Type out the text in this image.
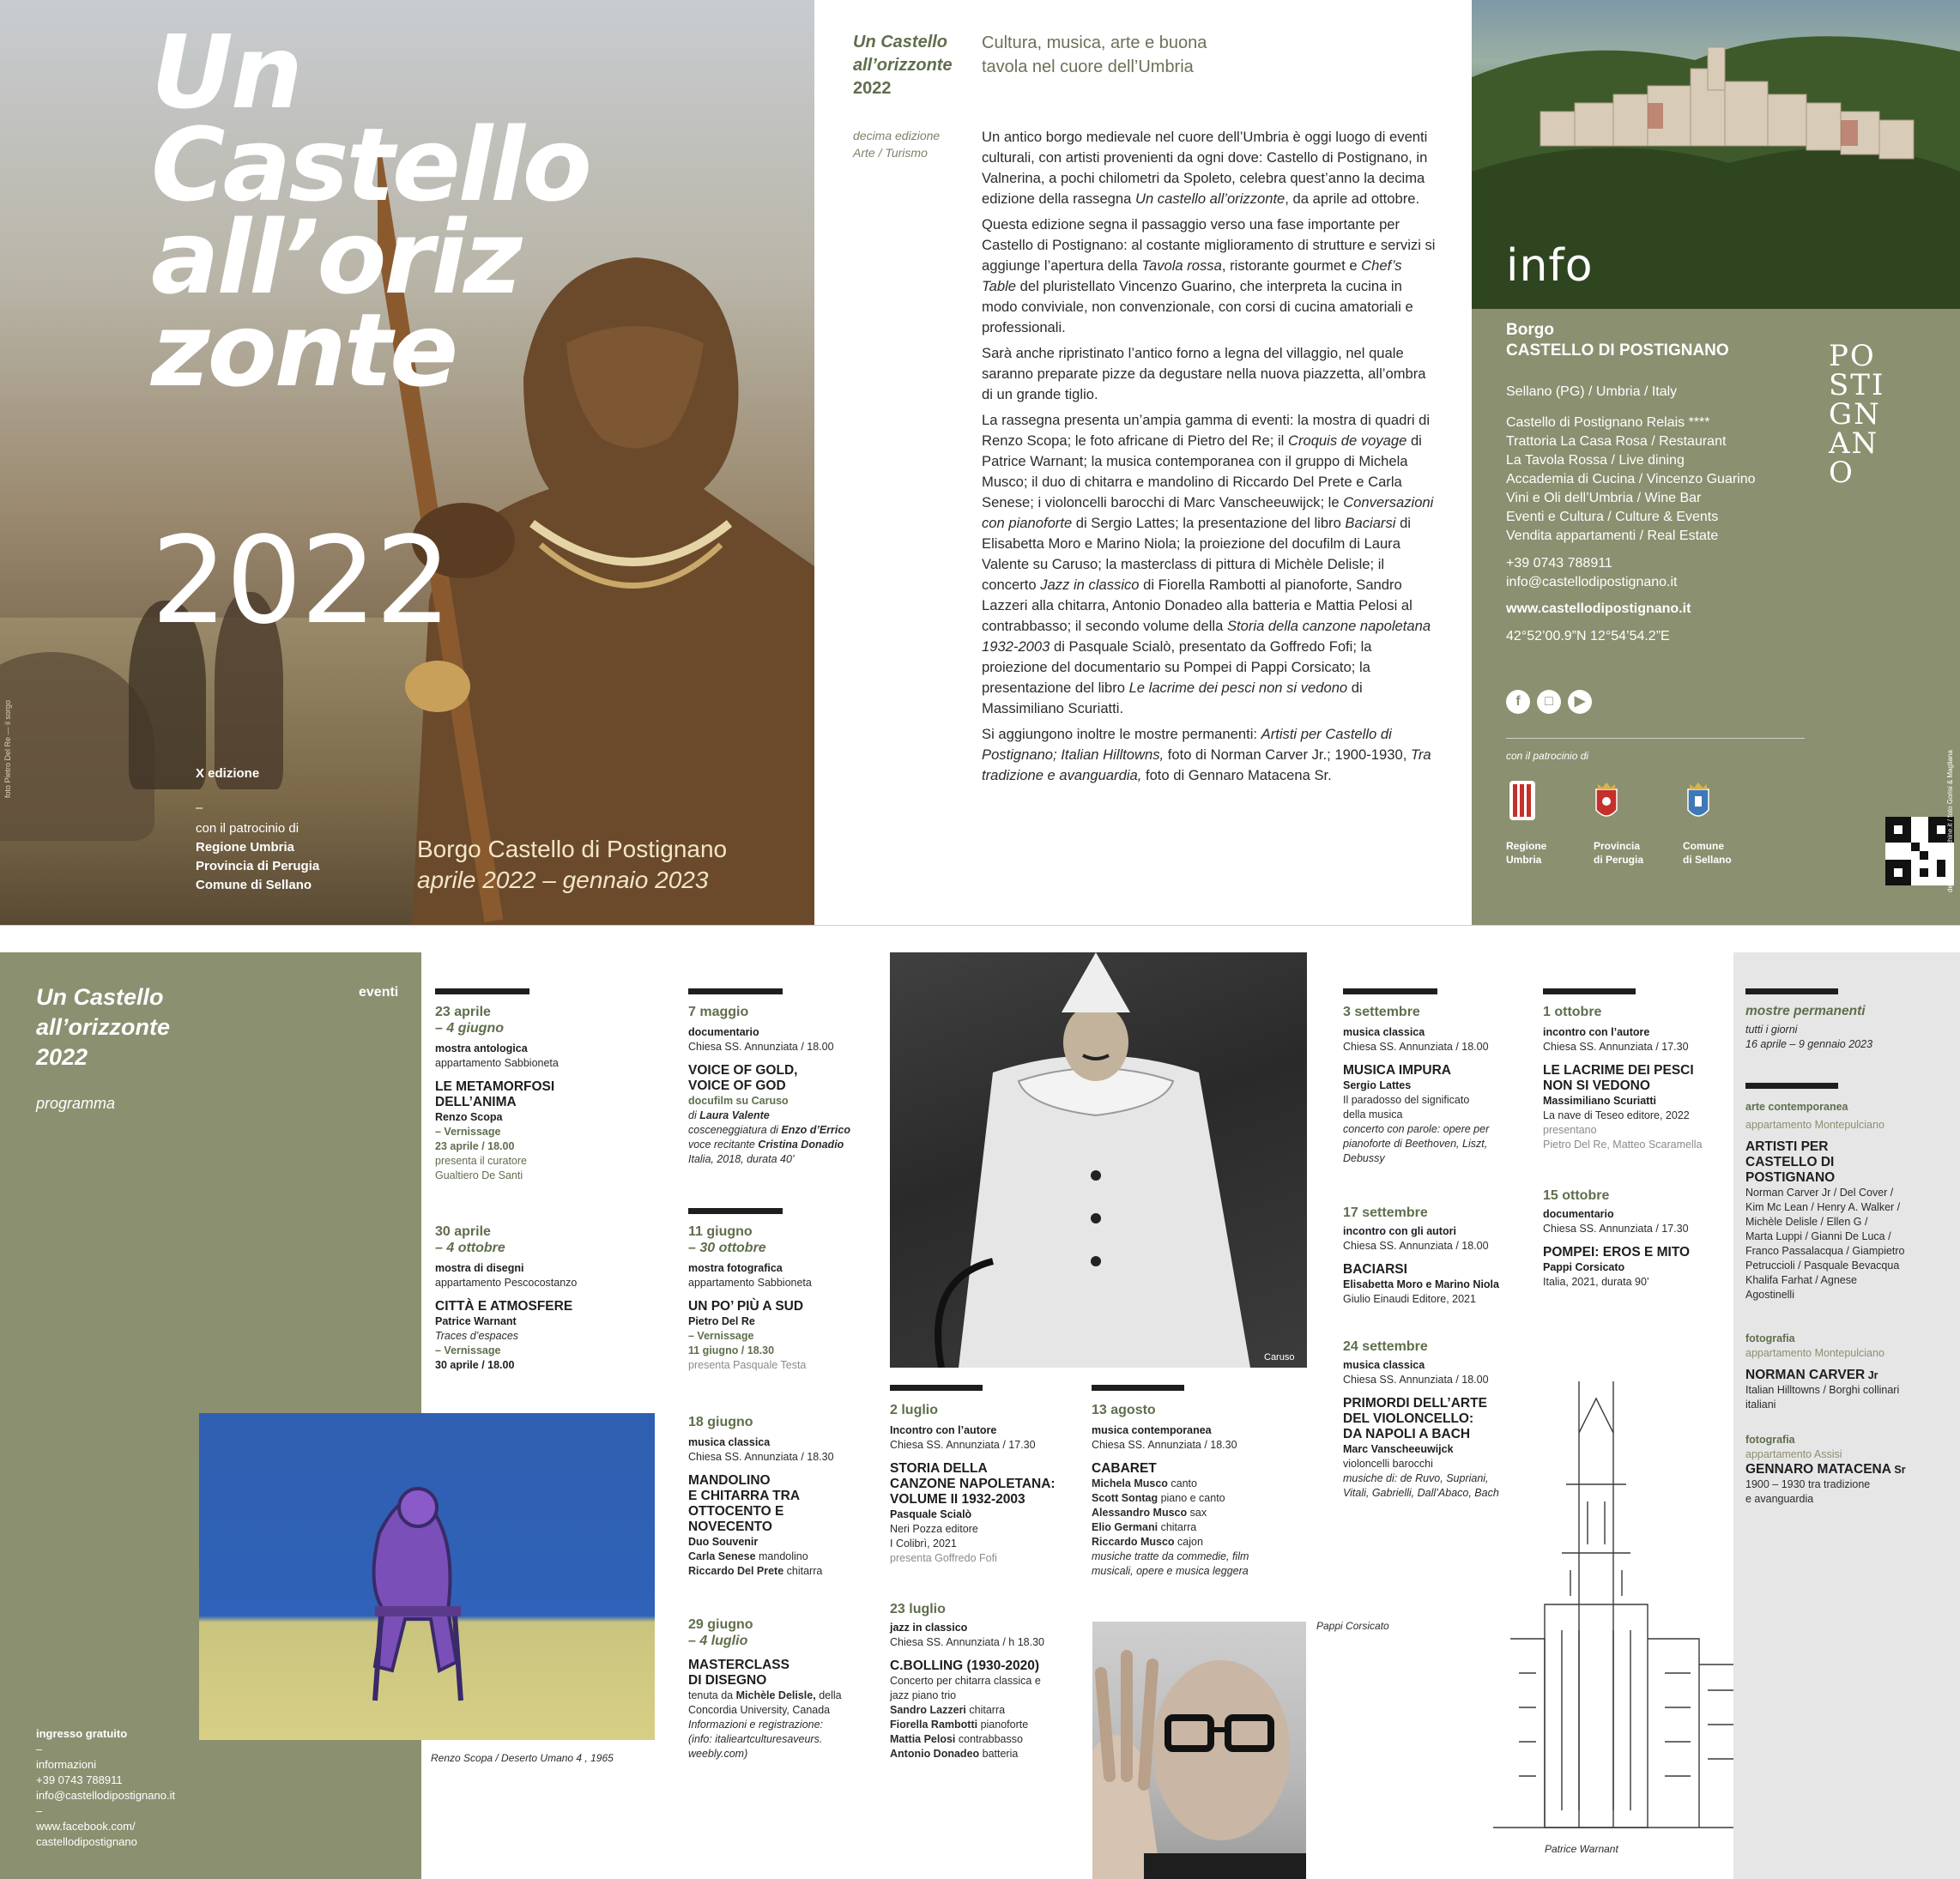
Un
Castello
all’oriz
zonte
2022
X edizione
–
con il patrocinio di
Regione Umbria
Provincia di Perugia
Comune di Sellano
Borgo Castello di Postignano
aprile 2022 – gennaio 2023
foto Pietro Del Re — il sorgo
Un Castello
all’orizzonte
2022
Cultura, musica, arte e buona tavola nel cuore dell’Umbria
decima edizione
Arte / Turismo

Un antico borgo medievale nel cuore dell’Umbria è oggi luogo di eventi culturali, con artisti provenienti da ogni dove: Castello di Postignano, in Valnerina, a pochi chilometri da Spoleto, celebra quest’anno la decima edizione della rassegna Un castello all’orizzonte, da aprile ad ottobre.

Questa edizione segna il passaggio verso una fase importante per Castello di Postignano: al costante miglioramento di strutture e servizi si aggiunge l’apertura della Tavola rossa, ristorante gourmet e Chef’s Table del pluristellato Vincenzo Guarino, che interpreta la cucina in modo conviviale, non convenzionale, con corsi di cucina amatoriali e professionali.

Sarà anche ripristinato l’antico forno a legna del villaggio, nel quale saranno preparate pizze da degustare nella nuova piazzetta, all’ombra di un grande tiglio.

La rassegna presenta un’ampia gamma di eventi: la mostra di quadri di Renzo Scopa; le foto africane di Pietro del Re; il Croquis de voyage di Patrice Warnant; la musica contemporanea con il gruppo di Michela Musco; il duo di chitarra e mandolino di Riccardo Del Prete e Carla Senese; i violoncelli barocchi di Marc Vanscheeuwijck; le Conversazioni con pianoforte di Sergio Lattes; la presentazione del libro Baciarsi di Elisabetta Moro e Marino Niola; la proiezione del docufilm di Laura Valente su Caruso; la masterclass di pittura di Michèle Delisle; il concerto Jazz in classico di Fiorella Rambotti al pianoforte, Sandro Lazzeri alla chitarra, Antonio Donadeo alla batteria e Mattia Pelosi al contrabbasso; il secondo volume della Storia della canzone napoletana 1932-2003 di Pasquale Scialò, presentato da Goffredo Fofi; la proiezione del documentario su Pompei di Pappi Corsicato; la presentazione del libro Le lacrime dei pesci non si vedono di Massimiliano Scuriatti.

Si aggiungono inoltre le mostre permanenti: Artisti per Castello di Postignano; Italian Hilltowns, foto di Norman Carver Jr.; 1900-1930, Tra tradizione e avanguardia, foto di Gennaro Matacena Sr.

info
Borgo
CASTELLO DI POSTIGNANO
Sellano (PG) / Umbria / Italy
Castello di Postignano Relais ****
Trattoria La Casa Rosa / Restaurant
La Tavola Rossa / Live dining
Accademia di Cucina / Vincenzo Guarino
Vini e Oli dell’Umbria / Wine Bar
Eventi e Cultura / Culture & Events
Vendita appartamenti / Real Estate
+39 0743 788911
info@castellodipostignano.it
www.castellodipostignano.it
42°52’00.9”N 12°54’54.2”E
POSTIGNANO
f	□	▶
con il patrocinio di
Regione
Umbria
Provincia
di Perugia
Comune
di Sellano	design: aftermachine.it / foto Gorisi & Magliana
Un Castello
all’orizzonte
2022
programma
eventi
ingresso gratuito
–
informazioni
+39 0743 788911
info@castellodipostignano.it
–
www.facebook.com/
castellodipostignano
Renzo Scopa / Deserto Umano 4 , 1965
23 aprile
– 4 giugno
mostra antologica
appartamento Sabbioneta
LE METAMORFOSI
DELL’ANIMA
Renzo Scopa
– Vernissage
23 aprile / 18.00
presenta il curatore
Gualtiero De Santi
30 aprile
– 4 ottobre
mostra di disegni
appartamento Pescocostanzo
CITTÀ E ATMOSFERE
Patrice Warnant
Traces d’espaces
– Vernissage
30 aprile / 18.00
7 maggio
documentario
Chiesa SS. Annunziata / 18.00
VOICE OF GOLD,
VOICE OF GOD
docufilm su Caruso
di Laura Valente
cosceneggiatura di Enzo d’Errico
voce recitante Cristina Donadio
Italia, 2018, durata 40’
11 giugno
– 30 ottobre
mostra fotografica
appartamento Sabbioneta
UN PO’ PIÙ A SUD
Pietro Del Re
– Vernissage
11 giugno / 18.30
presenta Pasquale Testa
18 giugno
musica classica
Chiesa SS. Annunziata / 18.30
MANDOLINO
E CHITARRA TRA
OTTOCENTO E
NOVECENTO
Duo Souvenir
Carla Senese mandolino
Riccardo Del Prete chitarra
29 giugno
– 4 luglio
MASTERCLASS
DI DISEGNO
tenuta da Michèle Delisle, della
Concordia University, Canada
Informazioni e registrazione:
(info: italieartculturesaveurs.
weebly.com)
Caruso
2 luglio
Incontro con l’autore
Chiesa SS. Annunziata / 17.30
STORIA DELLA
CANZONE NAPOLETANA:
VOLUME II 1932-2003
Pasquale Scialò
Neri Pozza editore
I Colibrì, 2021
presenta Goffredo Fofi
23 luglio
jazz in classico
Chiesa SS. Annunziata / h 18.30
C.BOLLING (1930-2020)
Concerto per chitarra classica e
jazz piano trio
Sandro Lazzeri chitarra
Fiorella Rambotti pianoforte
Mattia Pelosi contrabbasso
Antonio Donadeo batteria
13 agosto
musica contemporanea
Chiesa SS. Annunziata / 18.30
CABARET
Michela Musco canto
Scott Sontag piano e canto
Alessandro Musco sax
Elio Germani chitarra
Riccardo Musco cajon
musiche tratte da commedie, film
musicali, opere e musica leggera
Pappi Corsicato
3 settembre
musica classica
Chiesa SS. Annunziata / 18.00
MUSICA IMPURA
Sergio Lattes
Il paradosso del significato
della musica
concerto con parole: opere per
pianoforte di Beethoven, Liszt,
Debussy
17 settembre
incontro con gli autori
Chiesa SS. Annunziata / 18.00
BACIARSI
Elisabetta Moro e Marino Niola
Giulio Einaudi Editore, 2021
24 settembre
musica classica
Chiesa SS. Annunziata / 18.00
PRIMORDI DELL’ARTE
DEL VIOLONCELLO:
DA NAPOLI A BACH
Marc Vanscheeuwijck
violoncelli barocchi
musiche di: de Ruvo, Supriani,
Vitali, Gabrielli, Dall’Abaco, Bach
1 ottobre
incontro con l’autore
Chiesa SS. Annunziata / 17.30
LE LACRIME DEI PESCI
NON SI VEDONO
Massimiliano Scuriatti
La nave di Teseo editore, 2022
presentano
Pietro Del Re, Matteo Scaramella
15 ottobre
documentario
Chiesa SS. Annunziata / 17.30
POMPEI: EROS E MITO
Pappi Corsicato
Italia, 2021, durata 90’
Patrice Warnant
mostre permanenti
tutti i giorni
16 aprile – 9 gennaio 2023
arte contemporanea
appartamento Montepulciano
ARTISTI PER
CASTELLO DI
POSTIGNANO
Norman Carver Jr / Del Cover /
Kim Mc Lean / Henry A. Walker /
Michèle Delisle / Ellen G /
Marta Luppi / Gianni De Luca /
Franco Passalacqua / Giampietro
Petruccioli / Pasquale Bevacqua
Khalifa Farhat / Agnese
Agostinelli
fotografia
appartamento Montepulciano
NORMAN CARVER Jr
Italian Hilltowns / Borghi collinari
italiani
fotografia
appartamento Assisi
GENNARO MATACENA Sr
1900 – 1930 tra tradizione
e avanguardia
